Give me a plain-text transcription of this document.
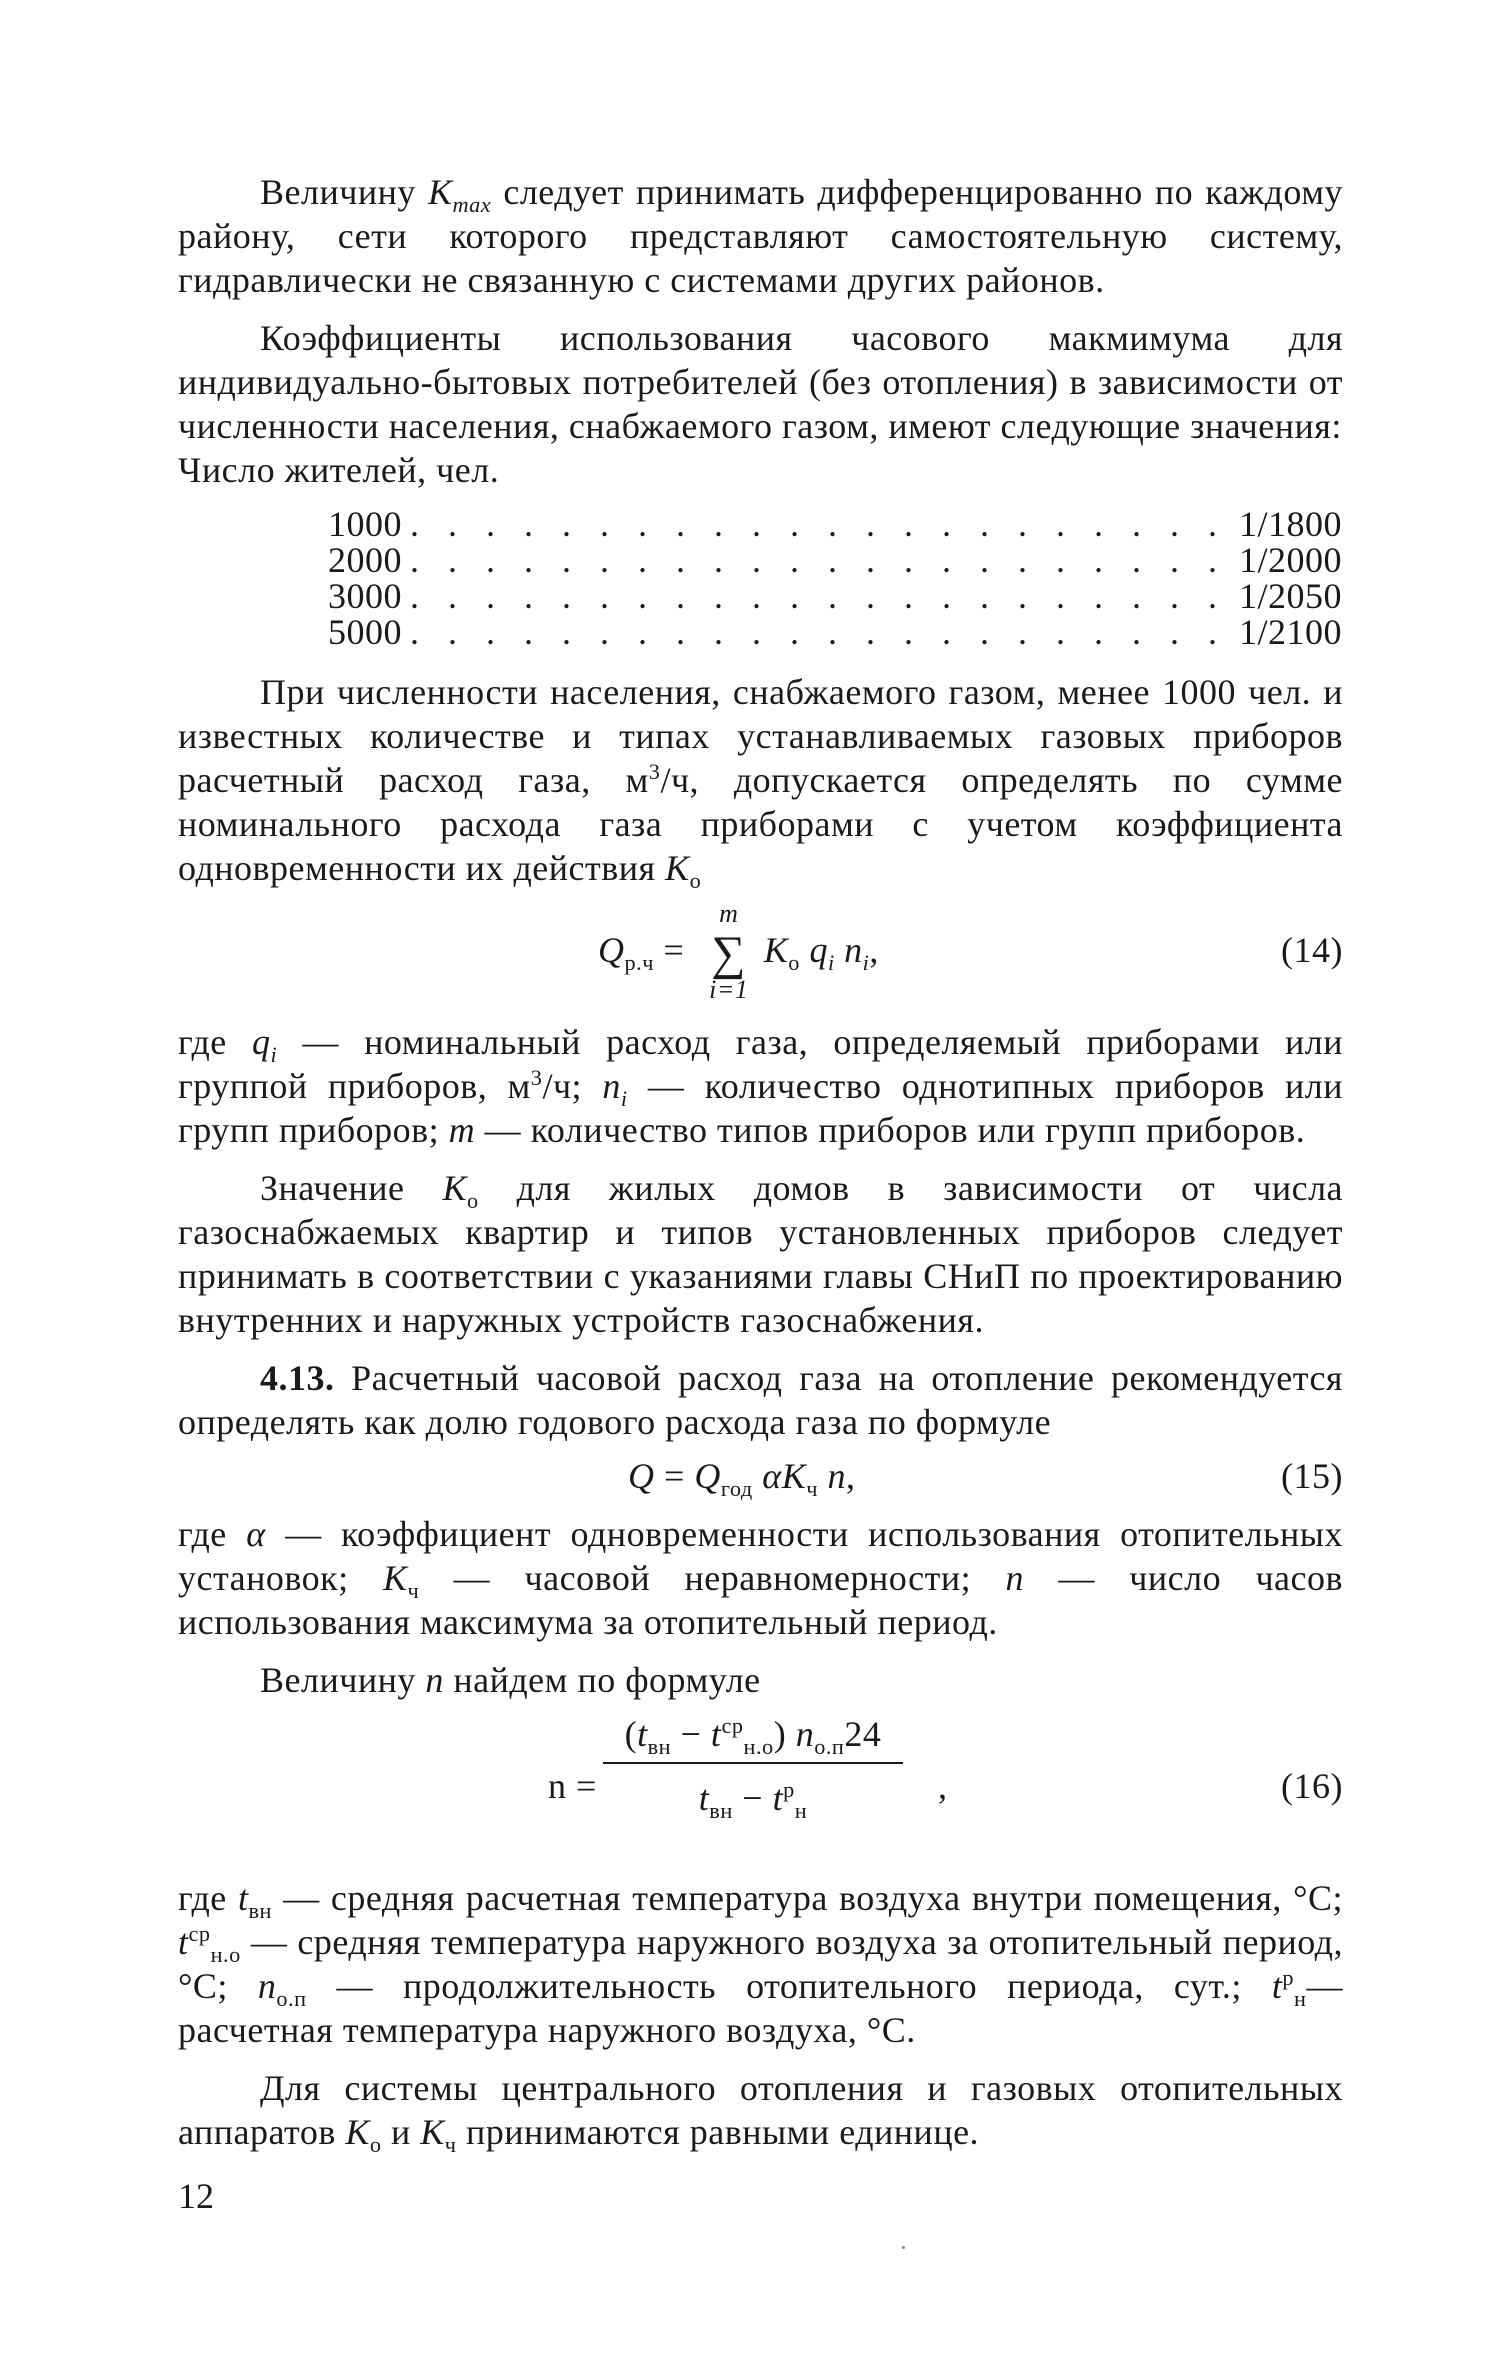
Величину $K_{max}$ следует принимать дифференцированно по каждому району, сети которого представляют самостоятельную систему, гидравлически не связанную с системами других районов.

Коэффициенты использования часового макмимума для индивидуально-бытовых потребителей (без отопления) в зависимости от численности населения, снабжаемого газом, имеют следующие значения:

Число жителей, чел.

1000 . . . . . . . . . . . . . . . . . . . . . . 1/1800
2000 . . . . . . . . . . . . . . . . . . . . . . 1/2000
3000 . . . . . . . . . . . . . . . . . . . . . . 1/2050
5000 . . . . . . . . . . . . . . . . . . . . . . 1/2100

При численности населения, снабжаемого газом, менее 1000 чел. и известных количестве и типах устанавливаемых газовых приборов расчетный расход газа, $м^3/ч$, допускается определять по сумме номинального расхода газа приборами с учетом коэффициента одновременности их действия $K_о$

$Q_{р.ч}$ =
m
∑
i=1
$K_о$ $q_i$ $n_i$,	(14)

где $q_i$ — номинальный расход газа, определяемый приборами или группой приборов, $м^3/ч$; $n_i$ — количество однотипных приборов или групп приборов; m — количество типов приборов или групп приборов.

Значение $K_о$ для жилых домов в зависимости от числа газоснабжаемых квартир и типов установленных приборов следует принимать в соответствии с указаниями главы СНиП по проектированию внутренних и наружных устройств газоснабжения.

4.13. Расчетный часовой расход газа на отопление рекомендуется определять как долю годового расхода газа по формуле

$Q = Q_{год}$ $\alpha K_ч$ n,	(15)

где α — коэффициент одновременности использования отопительных установок; $K_ч$ — часовой неравномерности; n — число часов использования максимума за отопительный период.

Величину n найдем по формуле

n =
$(t_{вн} - t^{ср}_{н.о})$ $n_{о.п}24$
$t_{вн} - t^р_н$
,	(16)

где $t_{вн}$ — средняя расчетная температура воздуха внутри помещения, °С; $t^{ср}_{н.о}$ — средняя температура наружного воздуха за отопительный период, °С; $n_{о.п}$ — продолжительность отопительного периода, сут.; $t^р_н—$ расчетная температура наружного воздуха, °С.

Для системы центрального отопления и газовых отопительных аппаратов $K_о$ и $K_ч$ принимаются равными единице.

12
